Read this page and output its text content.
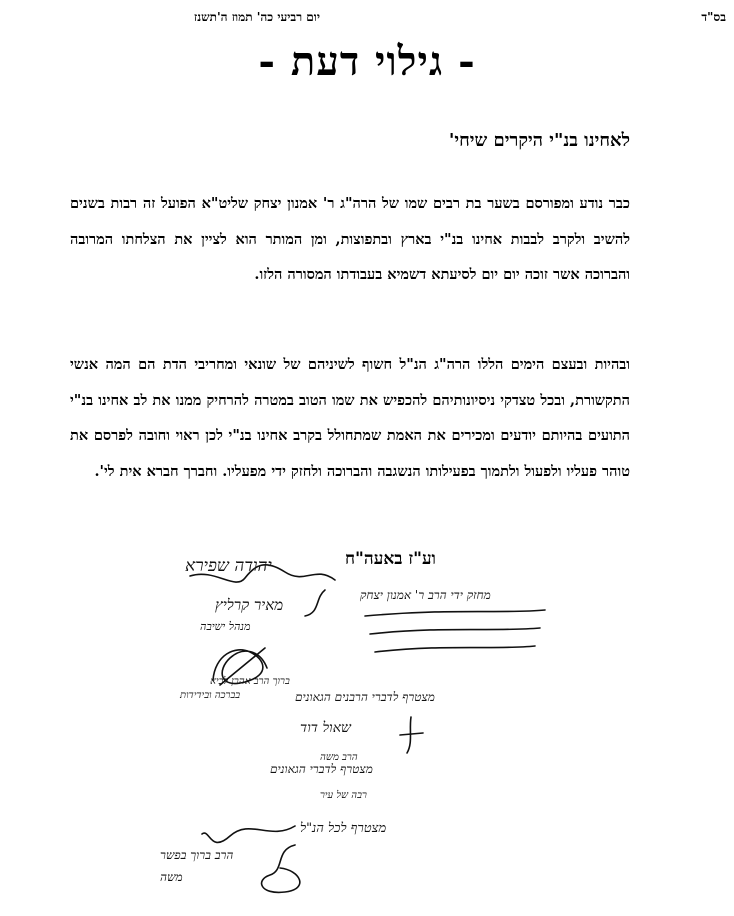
בס"ד
יום רביעי כה' תמוז ה'תשנז
- גילוי דעת -
לאחינו בנ"י היקרים שיחי'
כבר נודע ומפורסם בשער בת רבים שמו של הרה"ג ר' אמנון יצחק שליט"א הפועל זה רבות בשנים להשיב ולקרב לבבות אחינו בנ"י בארץ ובתפוצות, ומן המותר הוא לציין את הצלחתו המרובה והברוכה אשר זוכה יום יום לסיעתא דשמיא בעבודתו המסורה הלזו.
ובהיות ובעצם הימים הללו הרה"ג הנ"ל חשוף לשיניהם של שונאי ומחריבי הדת הם המה אנשי התקשורת, ובכל טצדקי ניסיונותיהם להכפיש את שמו הטוב במטרה להרחיק ממנו את לב אחינו בנ"י התועים בהיותם יודעים ומכירים את האמת שמתחולל בקרב אחינו בנ"י לכן ראוי וחובה לפרסם את טוהר פעליו ולפעול ולתמוך בפעילותו הנשגבה והברוכה ולחזק ידי מפעליו. וחברך חברא אית לי'.
וע"ז באעה"ח
יהודה שפירא
מאיר קרליץ
מנהל ישיבה
ברוך הרב אהרן לביא
בברכה ובידידות
מחזק ידי הרב ר' אמנון יצחק
מצטרף לדברי הרבנים הגאונים
שאול דוד
הרב משה
מצטרף לדברי הגאונים
רבה של עיר
מצטרף לכל הנ"ל
הרב ברוך בפשר
משה
